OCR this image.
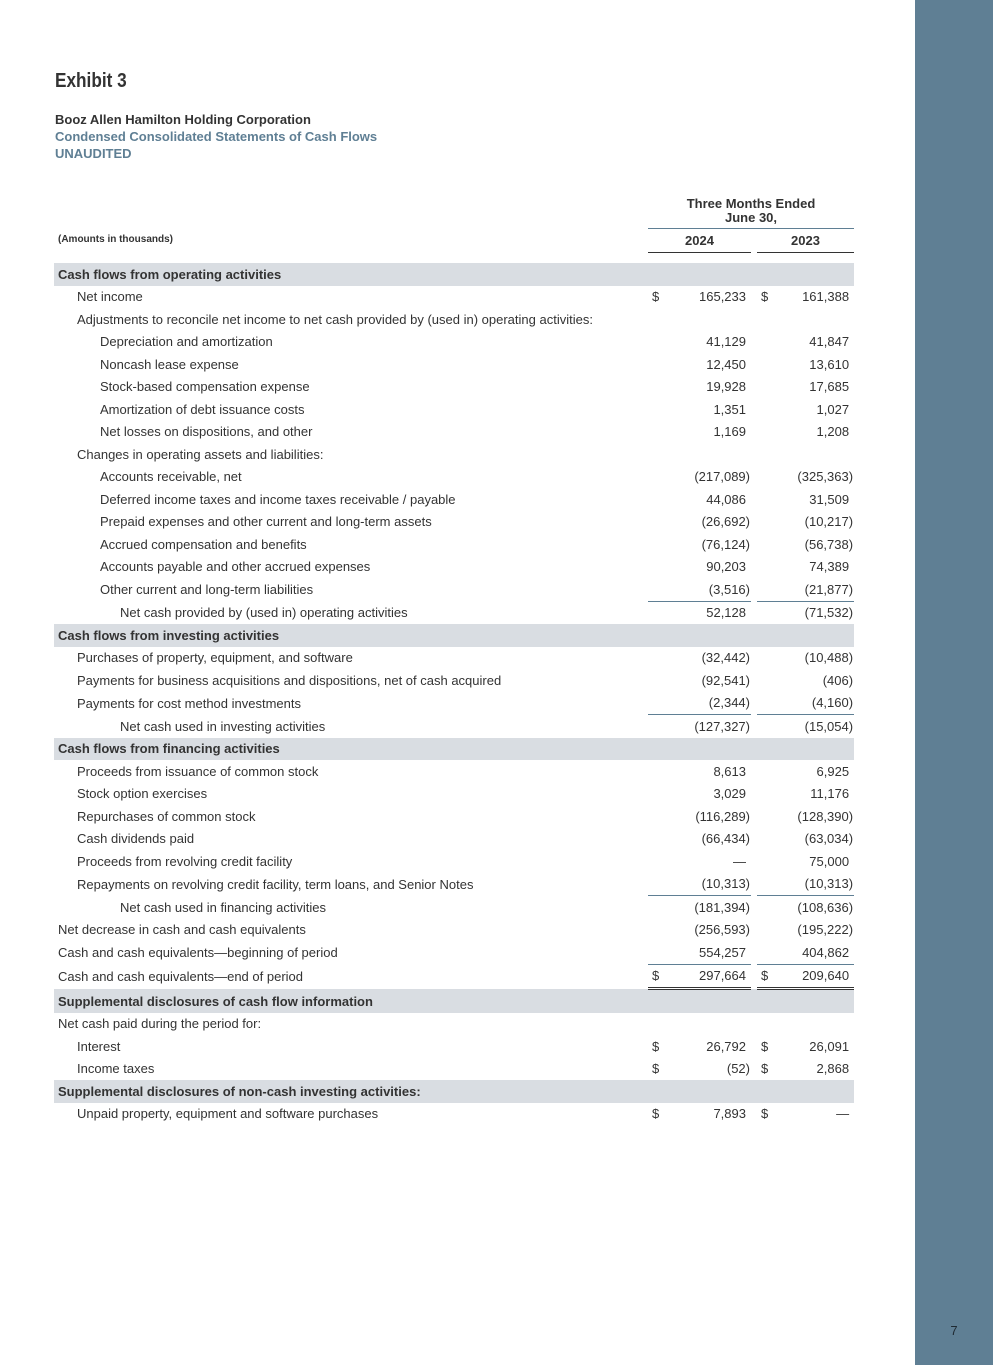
7
Exhibit 3
Booz Allen Hamilton Holding Corporation
Condensed Consolidated Statements of Cash Flows
UNAUDITED
Three Months Ended
June 30,
(Amounts in thousands)	2024	2023
Cash flows from operating activities					
Net income	$	165,233		$	161,388
Adjustments to reconcile net income to net cash provided by (used in) operating activities:					
Depreciation and amortization		41,129			41,847
Noncash lease expense		12,450			13,610
Stock-based compensation expense		19,928			17,685
Amortization of debt issuance costs		1,351			1,027
Net losses on dispositions, and other		1,169			1,208
Changes in operating assets and liabilities:					
Accounts receivable, net		(217,089)			(325,363)
Deferred income taxes and income taxes receivable / payable		44,086			31,509
Prepaid expenses and other current and long-term assets		(26,692)			(10,217)
Accrued compensation and benefits		(76,124)			(56,738)
Accounts payable and other accrued expenses		90,203			74,389
Other current and long-term liabilities		(3,516)			(21,877)
Net cash provided by (used in) operating activities		52,128			(71,532)
Cash flows from investing activities					
Purchases of property, equipment, and software		(32,442)			(10,488)
Payments for business acquisitions and dispositions, net of cash acquired		(92,541)			(406)
Payments for cost method investments		(2,344)			(4,160)
Net cash used in investing activities		(127,327)			(15,054)
Cash flows from financing activities					
Proceeds from issuance of common stock		8,613			6,925
Stock option exercises		3,029			11,176
Repurchases of common stock		(116,289)			(128,390)
Cash dividends paid		(66,434)			(63,034)
Proceeds from revolving credit facility		—			75,000
Repayments on revolving credit facility, term loans, and Senior Notes		(10,313)			(10,313)
Net cash used in financing activities		(181,394)			(108,636)
Net decrease in cash and cash equivalents		(256,593)			(195,222)
Cash and cash equivalents—beginning of period		554,257			404,862
Cash and cash equivalents—end of period	$	297,664		$	209,640
Supplemental disclosures of cash flow information					
Net cash paid during the period for:					
Interest	$	26,792		$	26,091
Income taxes	$	(52)		$	2,868
Supplemental disclosures of non-cash investing activities:					
Unpaid property, equipment and software purchases	$	7,893		$	—
